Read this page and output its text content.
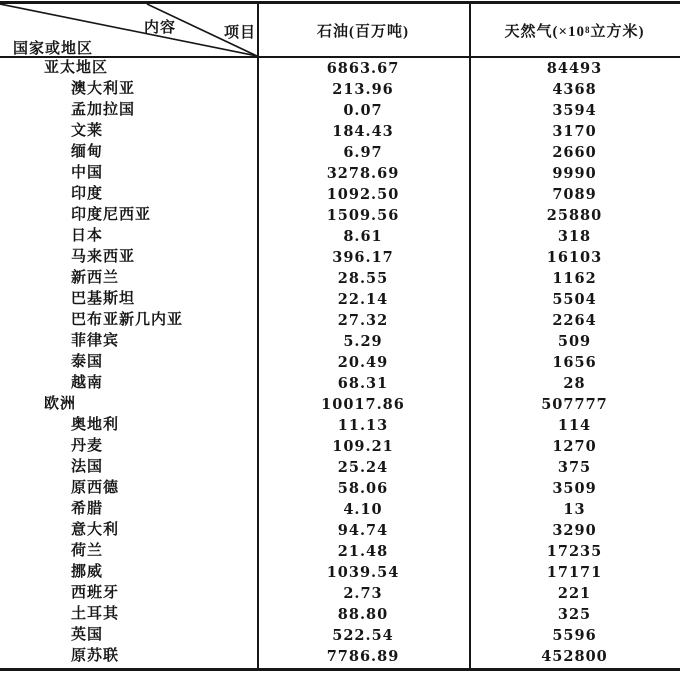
内容	项目
国家或地区
石油(百万吨)	天然气(×10 8 立方米)
亚太地区	6863.67	84493
澳大利亚	213.96	4368
孟加拉国	0.07	3594
文莱	184.43	3170
缅甸	6.97	2660
中国	3278.69	9990
印度	1092.50	7089
印度尼西亚	1509.56	25880
日本	8.61	318
马来西亚	396.17	16103
新西兰	28.55	1162
巴基斯坦	22.14	5504
巴布亚新几内亚	27.32	2264
菲律宾	5.29	509
泰国	20.49	1656
越南	68.31	28
欧洲	10017.86	507777
奥地利	11.13	114
丹麦	109.21	1270
法国	25.24	375
原西德	58.06	3509
希腊	4.10	13
意大利	94.74	3290
荷兰	21.48	17235
挪威	1039.54	17171
西班牙	2.73	221
土耳其	88.80	325
英国	522.54	5596
原苏联	7786.89	452800
